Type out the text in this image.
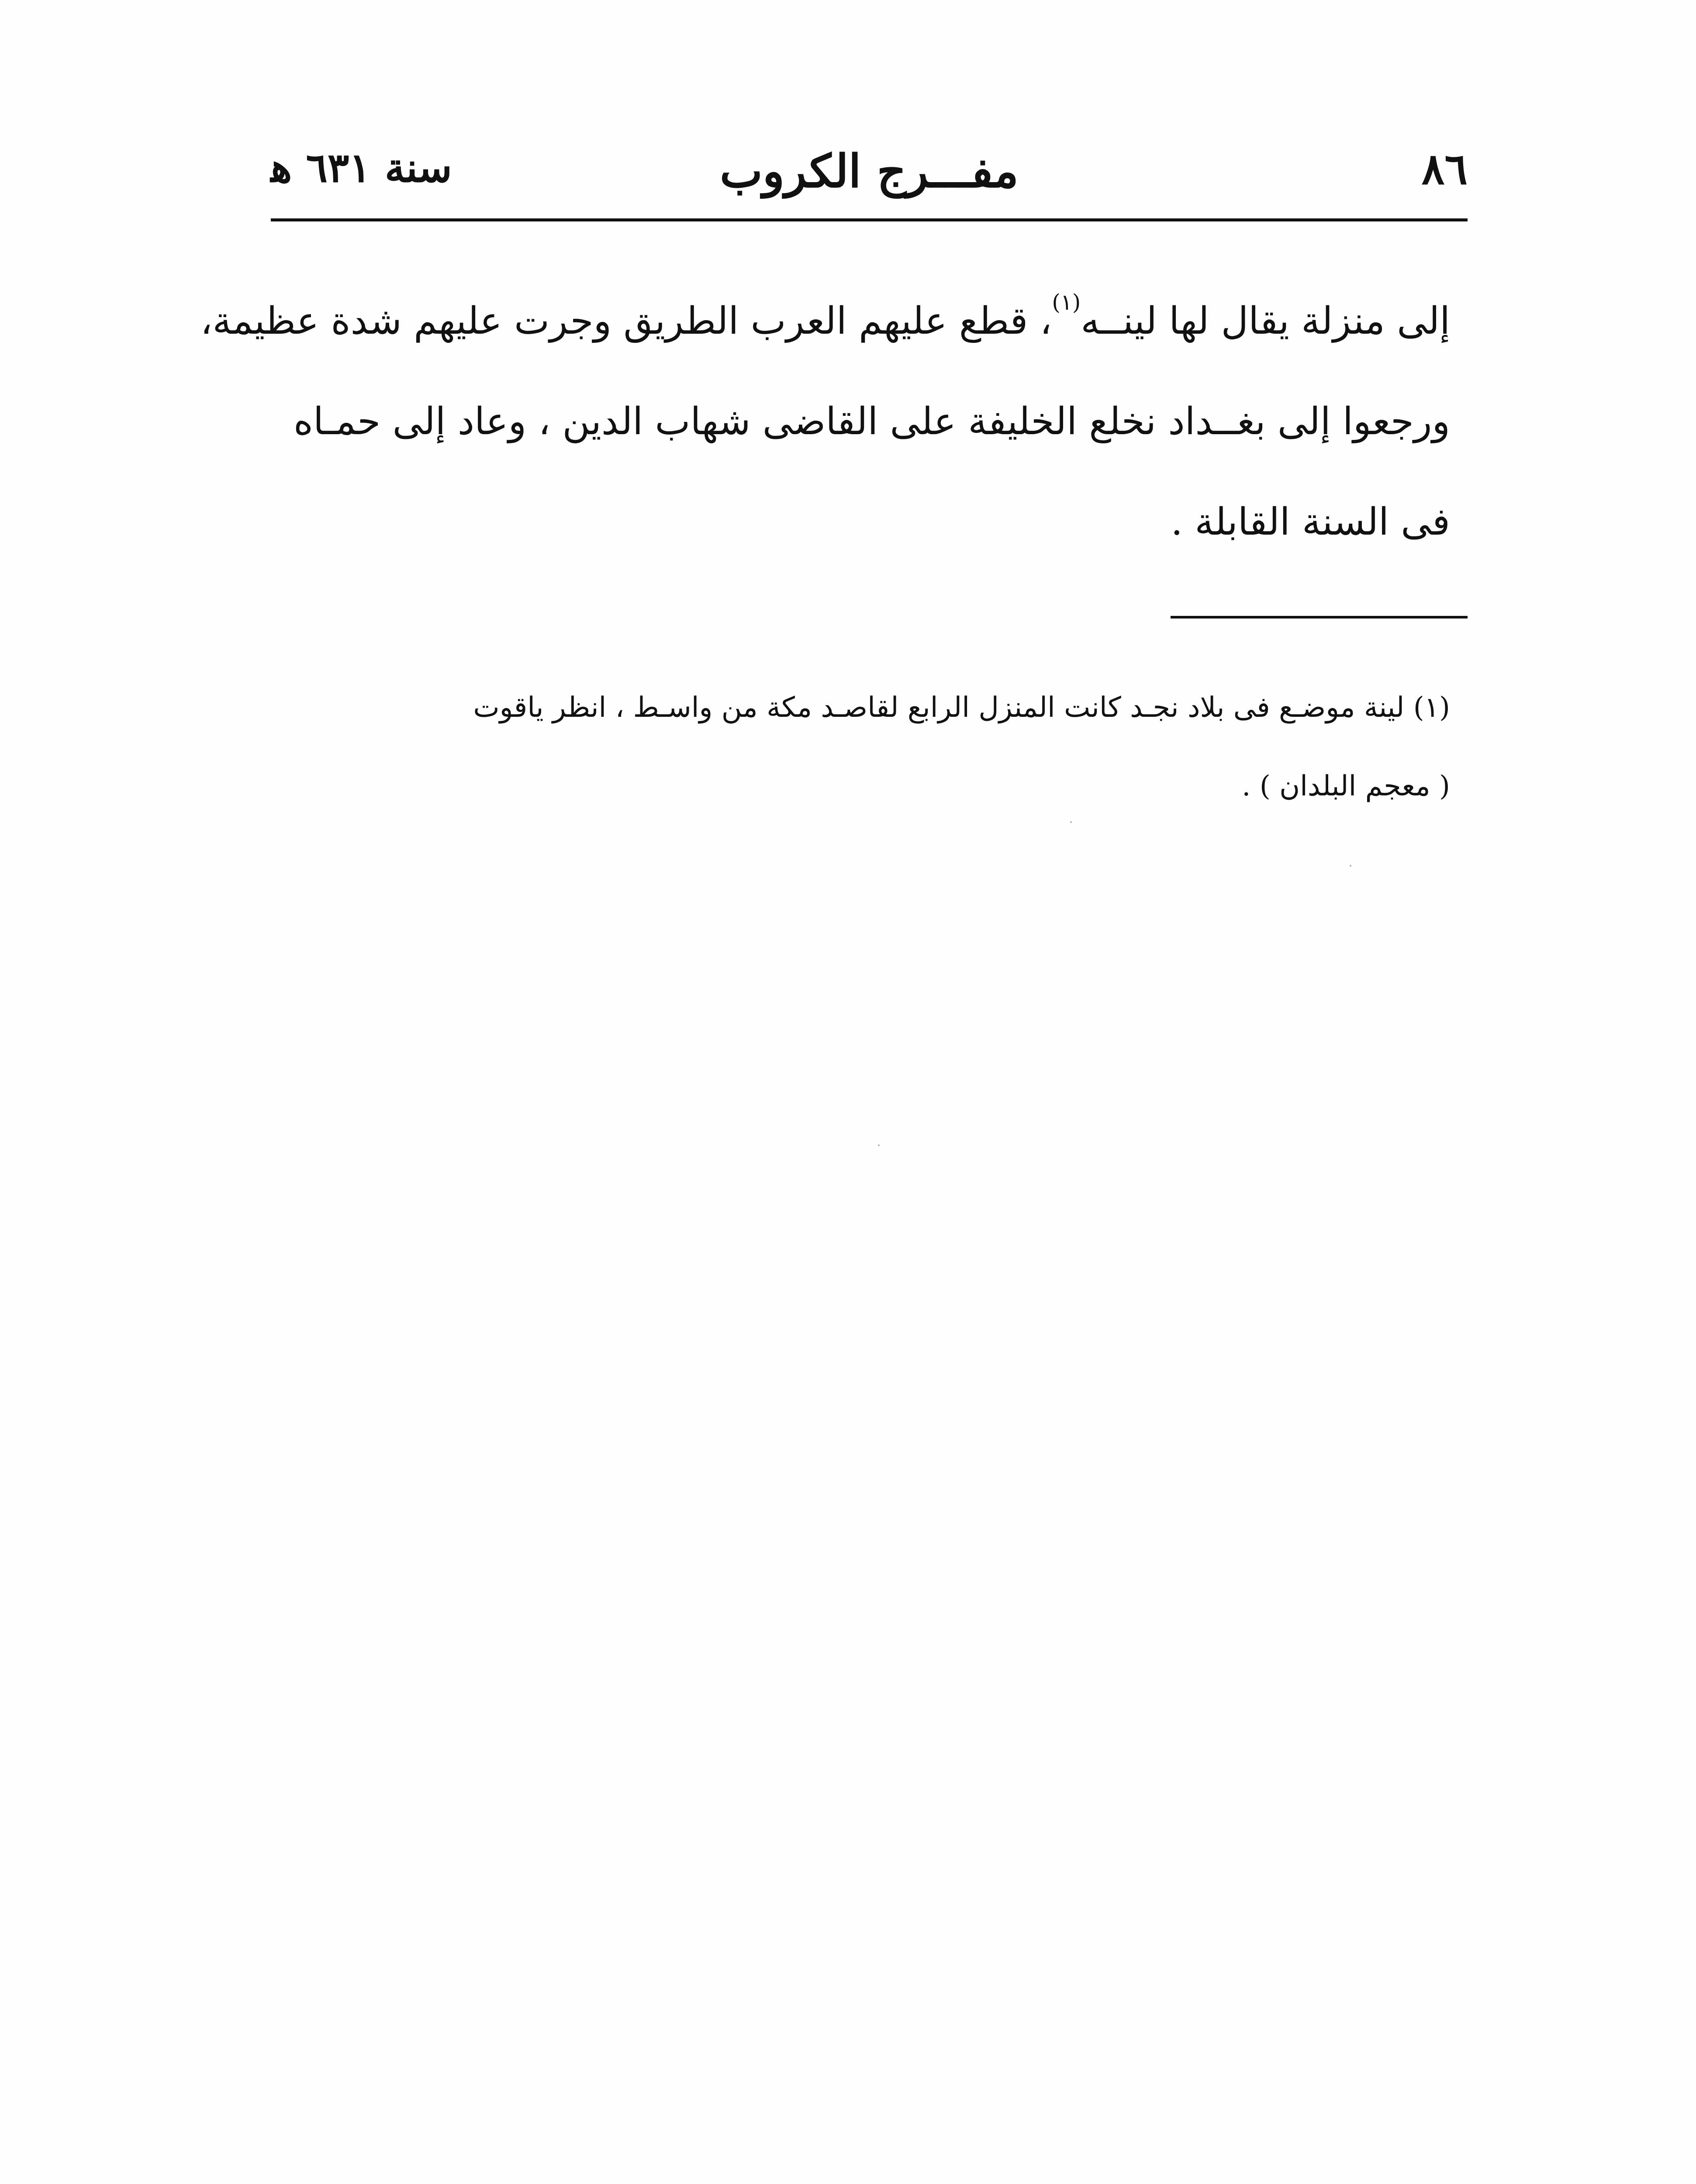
٨٦
مفـــرج الكروب
سنة ٦٣١ ﻫ
إلى منزلة يقال لها لينــه$^{(١)}$، قطع عليهم العرب الطريق وجرت عليهم شدة عظيمة،
ورجعوا إلى بغــداد نخلع الخليفة على القاضى شهاب الدين ، وعاد إلى حمـاه
فى السنة القابلة .
(١) لينة موضـع فى بلاد نجـد كانت المنزل الرابع لقاصـد مكة من واسـط ، انظر ياقوت
( معجم البلدان ) .
